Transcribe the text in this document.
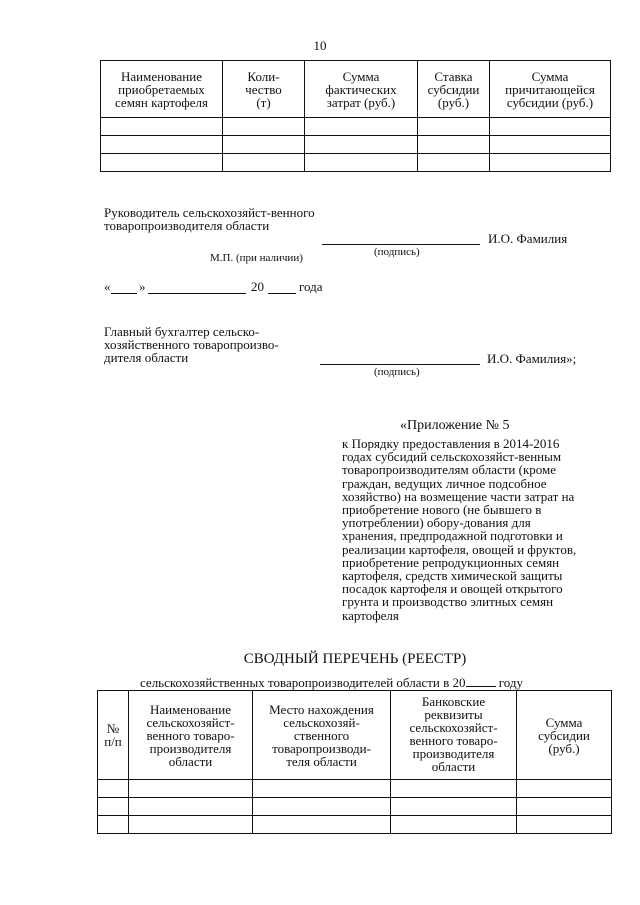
10
Наименование приобретаемых семян картофеля	Коли-чество (т)	Сумма фактических затрат (руб.)	Ставка субсидии (руб.)	Сумма причитающейся субсидии (руб.)

Руководитель сельскохозяйст-венного товаропроизводителя области
И.О. Фамилия
(подпись)
М.П. (при наличии)
« »	20	года
Главный бухгалтер сельско-хозяйственного товаропроизво-дителя области	И.О. Фамилия»;
(подпись)
«Приложение № 5
к Порядку предоставления в 2014-2016 годах субсидий сельскохозяйст-венным товаропроизводителям области (кроме граждан, ведущих личное подсобное хозяйство) на возмещение части затрат на приобретение нового (не бывшего в употреблении) обору-дования для хранения, предпродажной подготовки и реализации картофеля, овощей и фруктов, приобретение репродукционных семян картофеля, средств химической защиты посадок картофеля и овощей открытого грунта и производство элитных семян картофеля
СВОДНЫЙ ПЕРЕЧЕНЬ (РЕЕСТР)
сельскохозяйственных товаропроизводителей области в 20	году
№ п/п	Наименование сельскохозяйст-венного товаро-производителя области	Место нахождения сельскохозяй-ственного товаропроизводи-теля области	Банковские реквизиты сельскохозяйст-венного товаро-производителя области	Сумма субсидии (руб.)
